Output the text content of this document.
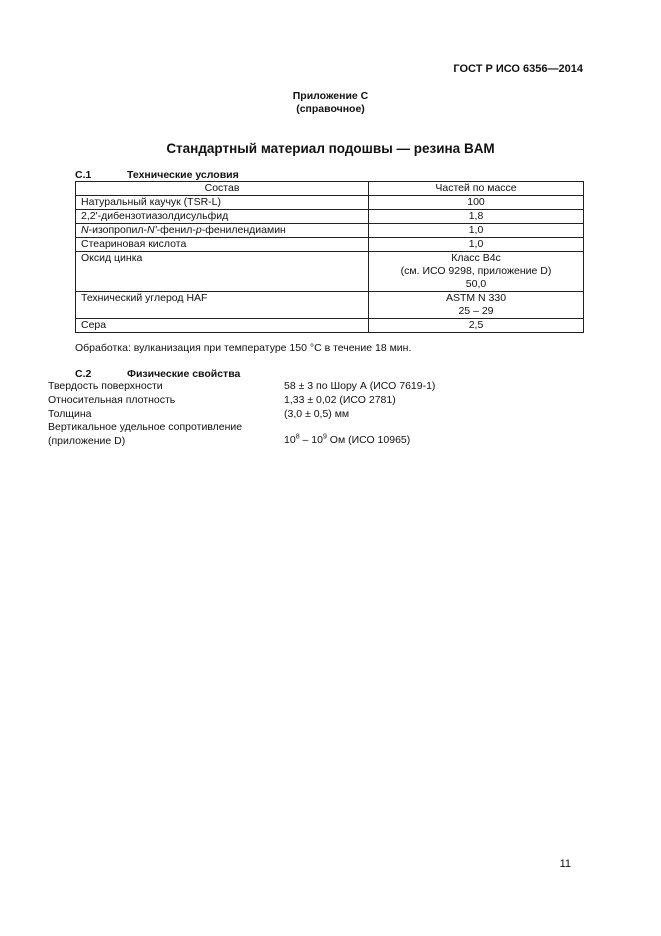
ГОСТ Р ИСО 6356—2014
Приложение С
(справочное)
Стандартный материал подошвы — резина BAM
С.1	Технические условия
Состав	Частей по массе
Натуральный каучук (TSR-L)	100
2,2'-дибензотиазолдисульфид	1,8
N-изопропил-N'-фенил-p-фенилендиамин	1,0
Стеариновая кислота	1,0
Оксид цинка	Класс В4с
(см. ИСО 9298, приложение D)
50,0

Технический углерод HAF	ASTM N 330
25 – 29

Сера	2,5
Обработка: вулканизация при температуре 150 °С в течение 18 мин.
С.2	Физические свойства
Твердость поверхности	58 ± 3 по Шору А (ИСО 7619-1)
Относительная плотность	1,33 ± 0,02 (ИСО 2781)
Толщина	(3,0 ± 0,5) мм
Вертикальное удельное сопротивление
(приложение D)	$10^8 - 10^9$ Ом (ИСО 10965)
11
